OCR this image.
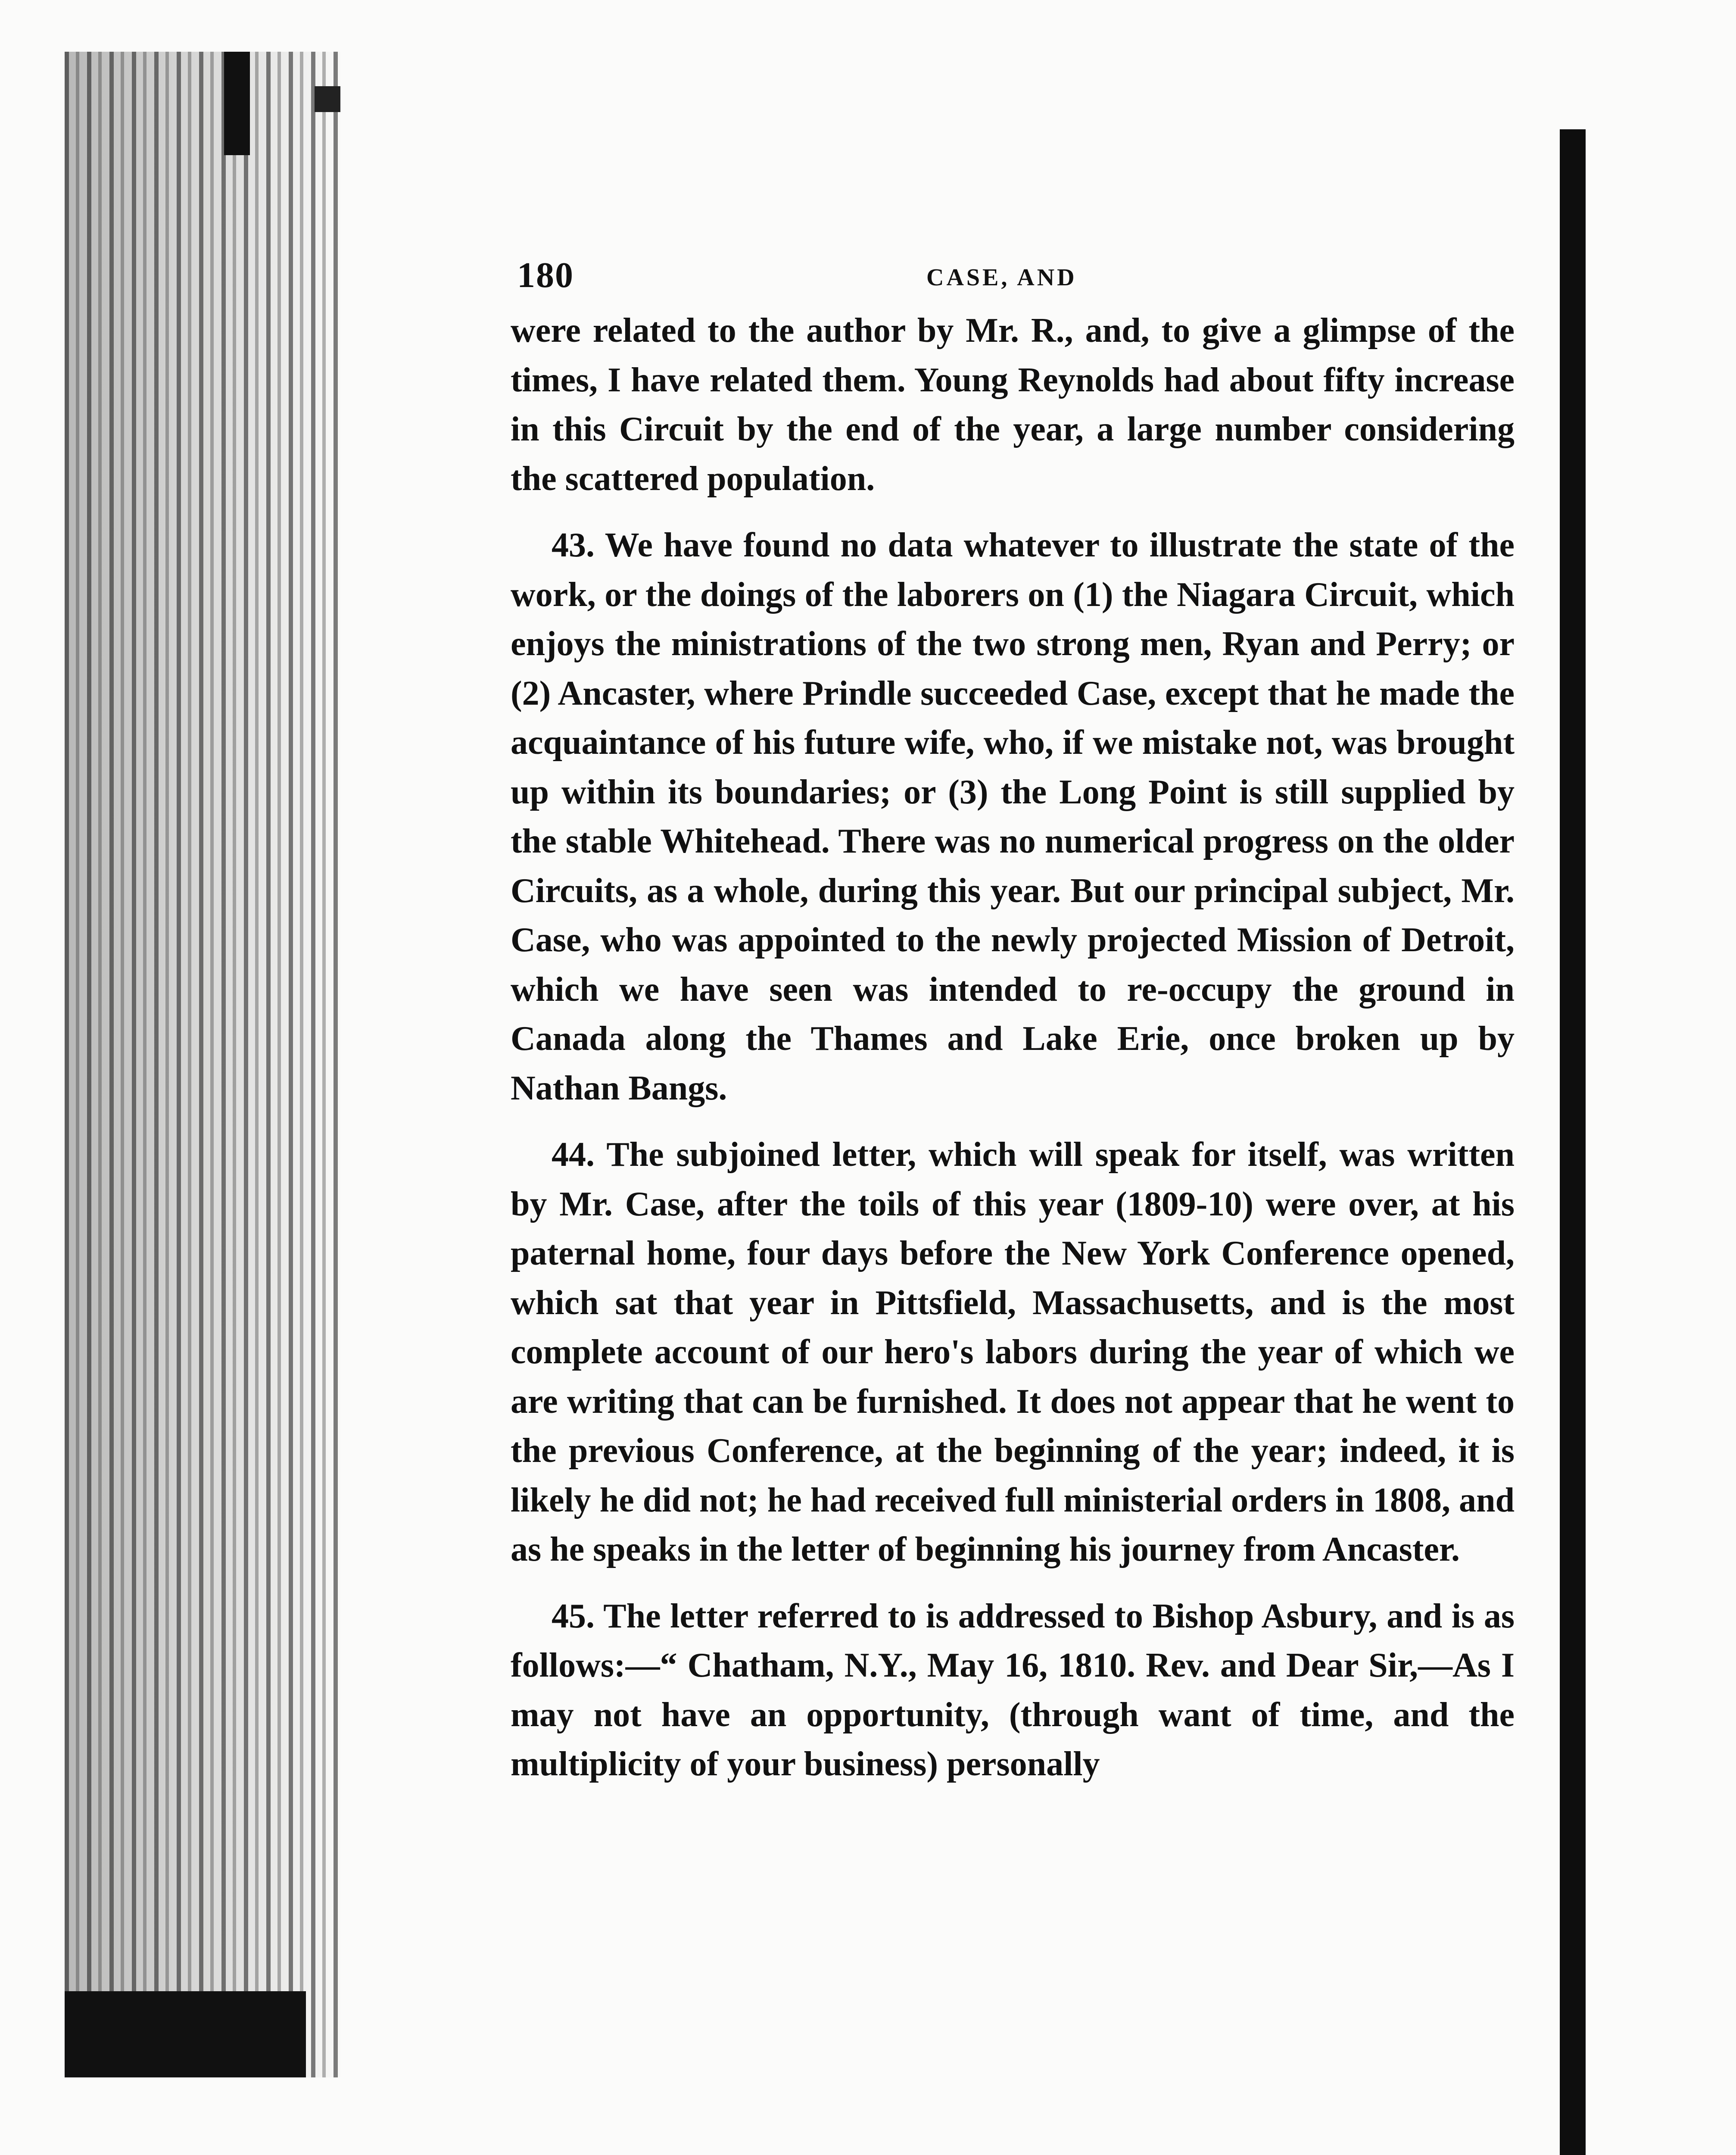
180	CASE, AND

were related to the author by Mr. R., and, to give a glimpse of the times, I have related them. Young Reynolds had about fifty increase in this Circuit by the end of the year, a large number considering the scattered population.

43. We have found no data whatever to illustrate the state of the work, or the doings of the laborers on (1) the Niagara Circuit, which enjoys the ministrations of the two strong men, Ryan and Perry; or (2) Ancaster, where Prindle succeeded Case, except that he made the acquaintance of his future wife, who, if we mistake not, was brought up within its boundaries; or (3) the Long Point is still supplied by the stable Whitehead. There was no numerical progress on the older Circuits, as a whole, during this year. But our principal subject, Mr. Case, who was appointed to the newly projected Mission of Detroit, which we have seen was intended to re-occupy the ground in Canada along the Thames and Lake Erie, once broken up by Nathan Bangs.

44. The subjoined letter, which will speak for itself, was written by Mr. Case, after the toils of this year (1809-10) were over, at his paternal home, four days before the New York Conference opened, which sat that year in Pittsfield, Massachusetts, and is the most complete account of our hero's labors during the year of which we are writing that can be furnished. It does not appear that he went to the previous Conference, at the beginning of the year; indeed, it is likely he did not; he had received full ministerial orders in 1808, and as he speaks in the letter of beginning his journey from Ancaster.

45. The letter referred to is addressed to Bishop Asbury, and is as follows:—“ Chatham, N.Y., May 16, 1810. Rev. and Dear Sir,—As I may not have an opportunity, (through want of time, and the multiplicity of your business) personally
